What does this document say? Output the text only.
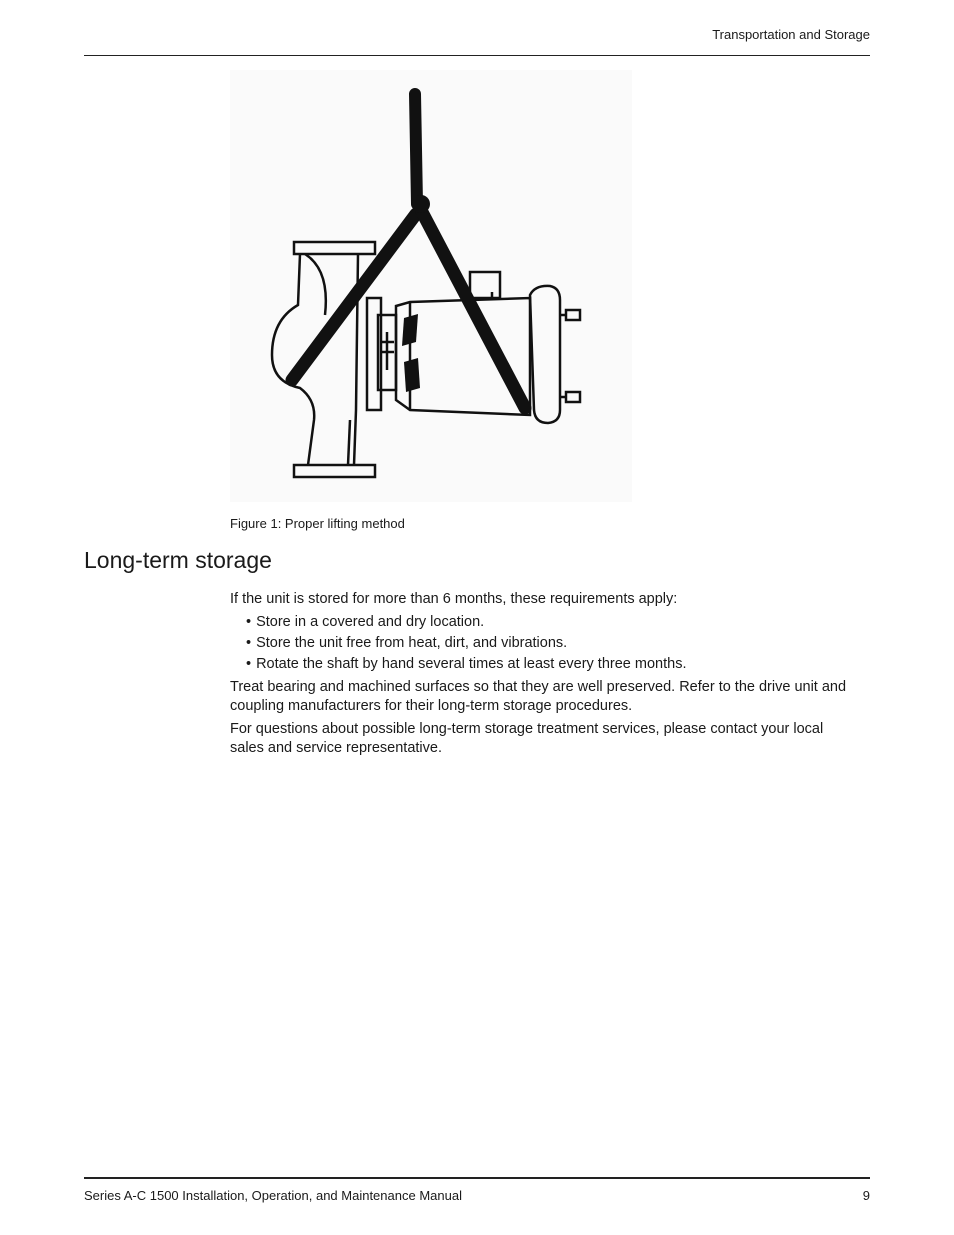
Transportation and Storage
Figure 1: Proper lifting method
Long-term storage

If the unit is stored for more than 6 months, these requirements apply:

• Store in a covered and dry location.
• Store the unit free from heat, dirt, and vibrations.
• Rotate the shaft by hand several times at least every three months.

Treat bearing and machined surfaces so that they are well preserved. Refer to the drive unit and coupling manufacturers for their long-term storage procedures.

For questions about possible long-term storage treatment services, please contact your local sales and service representative.

Series A-C 1500 Installation, Operation, and Maintenance Manual	9
